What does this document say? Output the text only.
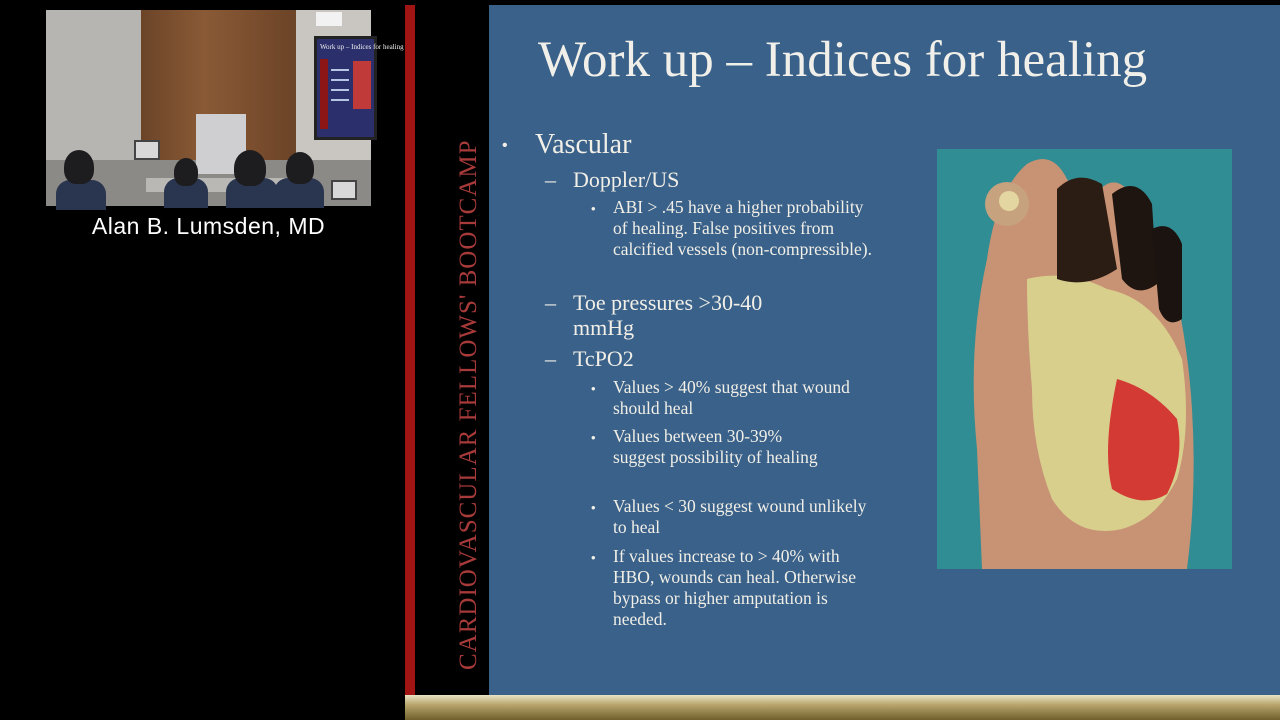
Work up – Indices for healing
Alan B. Lumsden, MD	CARDIOVASCULAR FELLOWS' BOOTCAMP
Work up – Indices for healing
• Vascular
– Doppler/US
• ABI > .45 have a higher probability of healing. False positives from calcified vessels (non-compressible).
– Toe pressures >30-40
mmHg
– TcPO2
• Values > 40% suggest that wound should heal
• Values between 30-39% suggest possibility of healing
• Values < 30 suggest wound unlikely to heal
• If values increase to > 40% with HBO, wounds can heal. Otherwise bypass or higher amputation is needed.
